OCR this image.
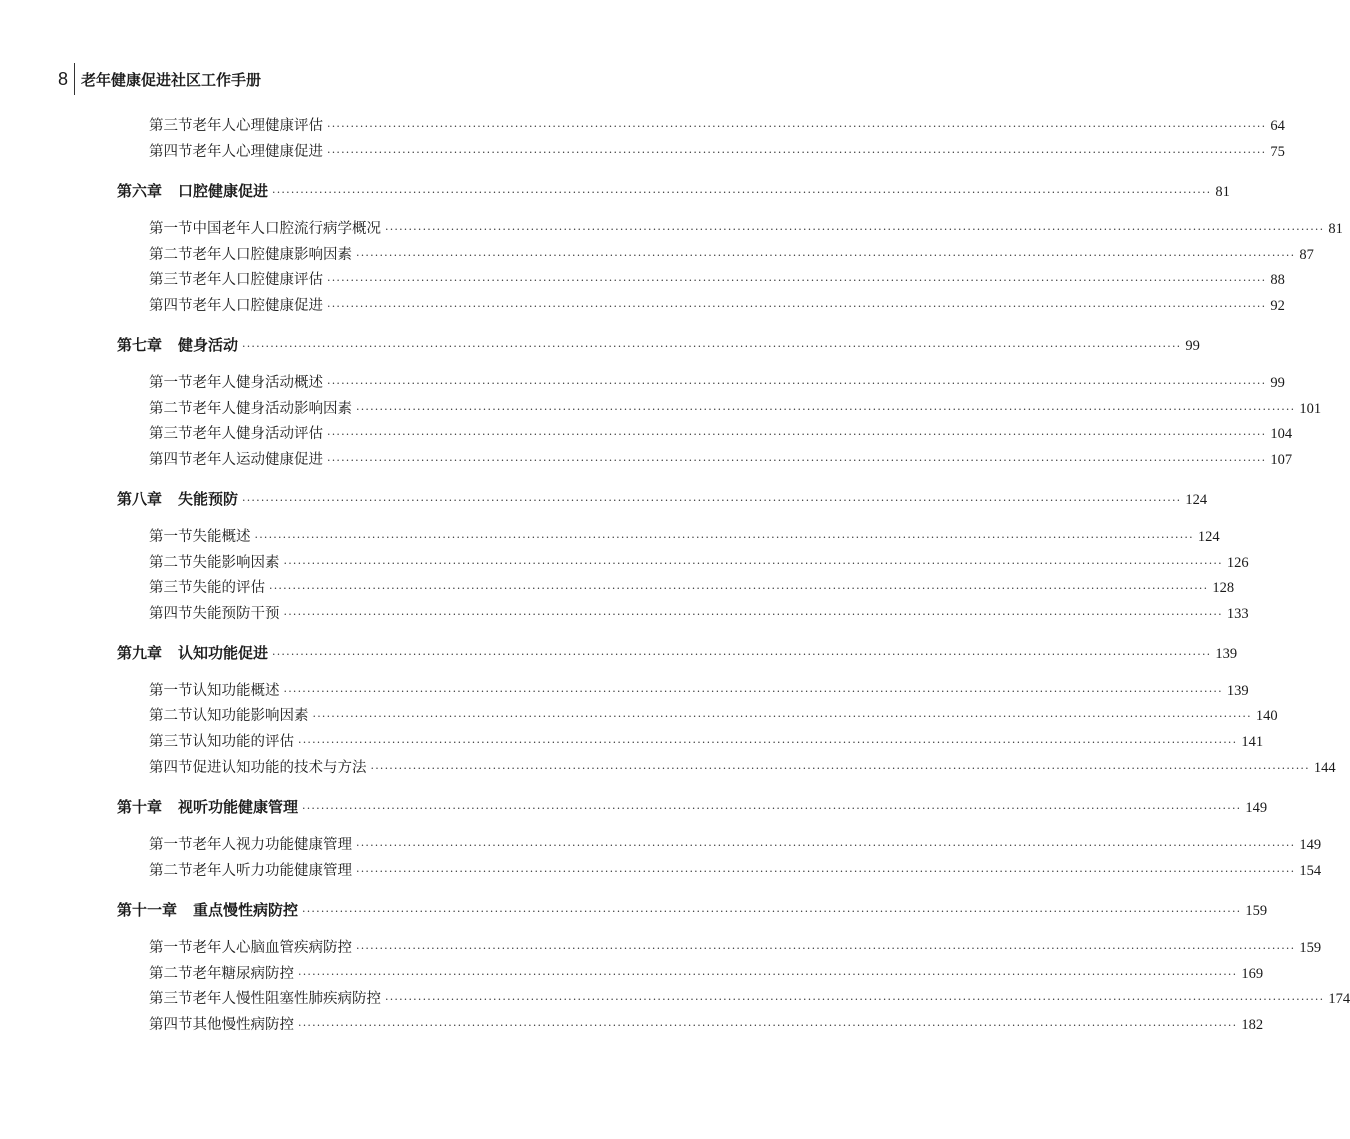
8 老年健康促进社区工作手册
第三节 老年人心理健康评估 ········································································································································································································ 64
第四节 老年人心理健康促进 ········································································································································································································ 75
第六章 口腔健康促进 ········································································································································································································ 81
第一节 中国老年人口腔流行病学概况 ········································································································································································································ 81
第二节 老年人口腔健康影响因素 ········································································································································································································ 87
第三节 老年人口腔健康评估 ········································································································································································································ 88
第四节 老年人口腔健康促进 ········································································································································································································ 92
第七章 健身活动 ········································································································································································································ 99
第一节 老年人健身活动概述 ········································································································································································································ 99
第二节 老年人健身活动影响因素 ········································································································································································································ 101
第三节 老年人健身活动评估 ········································································································································································································ 104
第四节 老年人运动健康促进 ········································································································································································································ 107
第八章 失能预防 ········································································································································································································ 124
第一节 失能概述 ········································································································································································································ 124
第二节 失能影响因素 ········································································································································································································ 126
第三节 失能的评估 ········································································································································································································ 128
第四节 失能预防干预 ········································································································································································································ 133
第九章 认知功能促进 ········································································································································································································ 139
第一节 认知功能概述 ········································································································································································································ 139
第二节 认知功能影响因素 ········································································································································································································ 140
第三节 认知功能的评估 ········································································································································································································ 141
第四节 促进认知功能的技术与方法 ········································································································································································································ 144
第十章 视听功能健康管理 ········································································································································································································ 149
第一节 老年人视力功能健康管理 ········································································································································································································ 149
第二节 老年人听力功能健康管理 ········································································································································································································ 154
第十一章 重点慢性病防控 ········································································································································································································ 159
第一节 老年人心脑血管疾病防控 ········································································································································································································ 159
第二节 老年糖尿病防控 ········································································································································································································ 169
第三节 老年人慢性阻塞性肺疾病防控 ········································································································································································································ 174
第四节 其他慢性病防控 ········································································································································································································ 182
